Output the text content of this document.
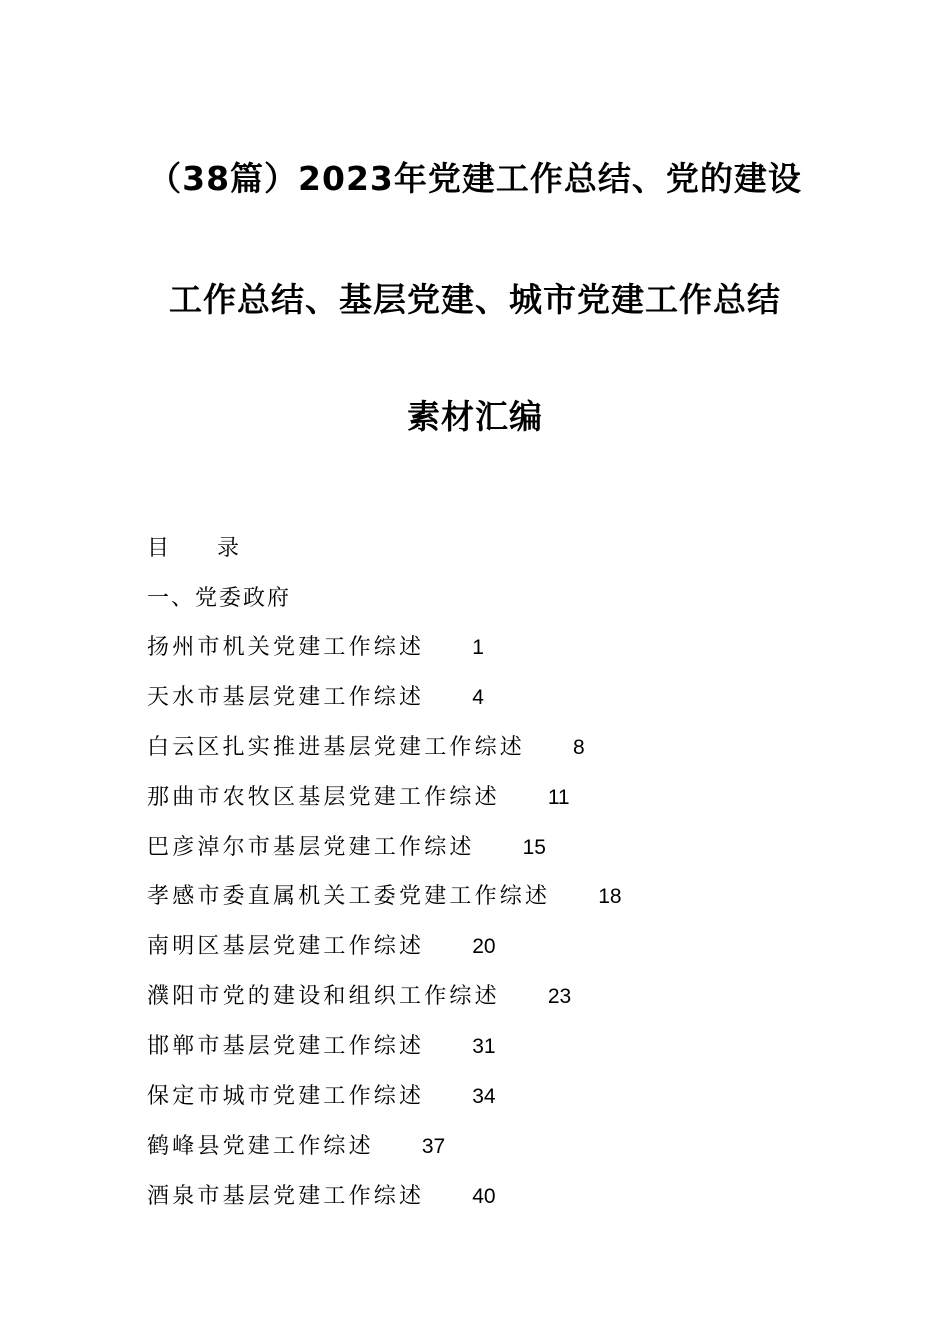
（38篇）2023年党建工作总结、党的建设
工作总结、基层党建、城市党建工作总结
素材汇编
目 录
一、党委政府
扬州市机关党建工作综述 1
天水市基层党建工作综述 4
白云区扎实推进基层党建工作综述 8
那曲市农牧区基层党建工作综述 11
巴彦淖尔市基层党建工作综述 15
孝感市委直属机关工委党建工作综述 18
南明区基层党建工作综述 20
濮阳市党的建设和组织工作综述 23
邯郸市基层党建工作综述 31
保定市城市党建工作综述 34
鹤峰县党建工作综述 37
酒泉市基层党建工作综述 40
